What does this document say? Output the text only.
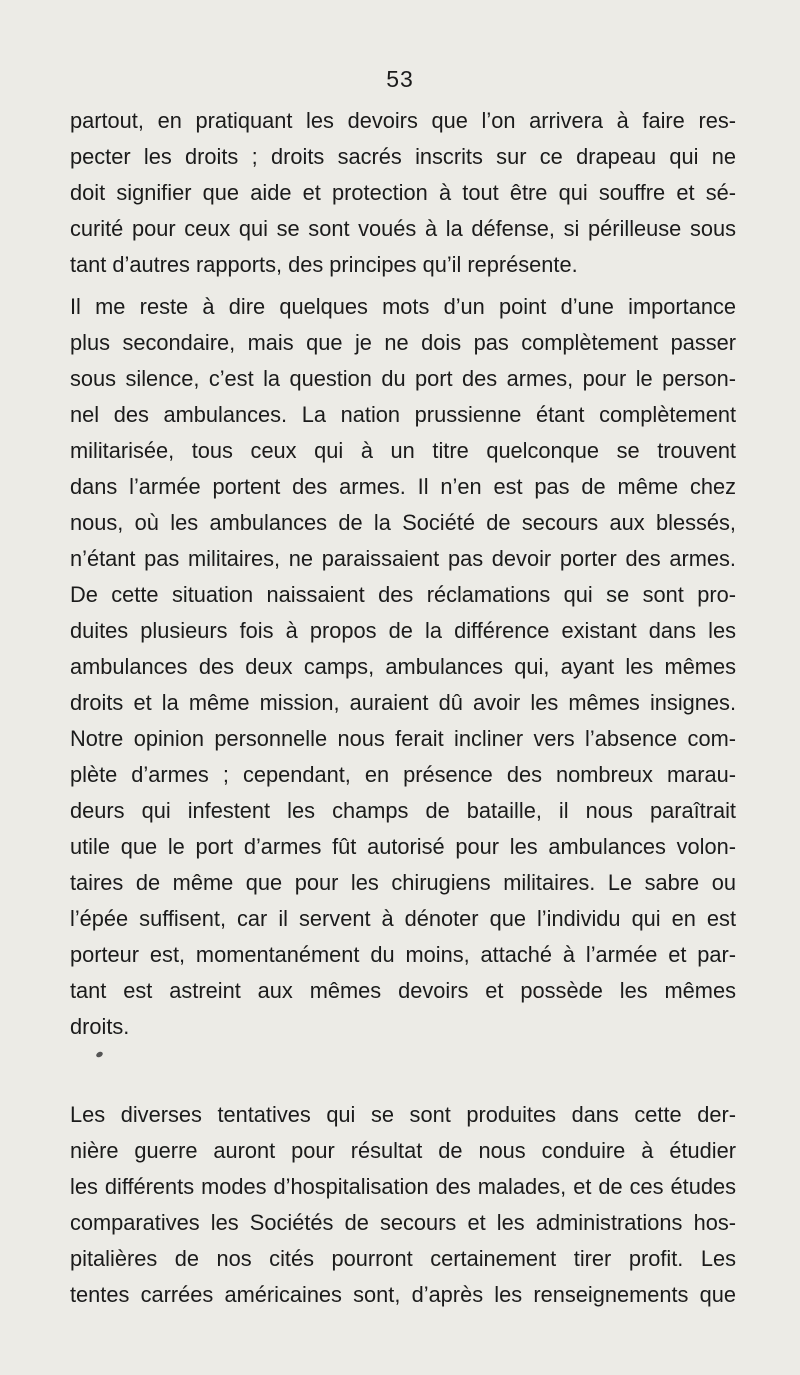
53
partout, en pratiquant les devoirs que l’on arrivera à faire res-
pecter les droits ; droits sacrés inscrits sur ce drapeau qui ne
doit signifier que aide et protection à tout être qui souffre et sé-
curité pour ceux qui se sont voués à la défense, si périlleuse sous
tant d’autres rapports, des principes qu’il représente.
Il me reste à dire quelques mots d’un point d’une importance
plus secondaire, mais que je ne dois pas complètement passer
sous silence, c’est la question du port des armes, pour le person-
nel des ambulances. La nation prussienne étant complètement
militarisée, tous ceux qui à un titre quelconque se trouvent
dans l’armée portent des armes. Il n’en est pas de même chez
nous, où les ambulances de la Société de secours aux blessés,
n’étant pas militaires, ne paraissaient pas devoir porter des armes.
De cette situation naissaient des réclamations qui se sont pro-
duites plusieurs fois à propos de la différence existant dans les
ambulances des deux camps, ambulances qui, ayant les mêmes
droits et la même mission, auraient dû avoir les mêmes insignes.
Notre opinion personnelle nous ferait incliner vers l’absence com-
plète d’armes ; cependant, en présence des nombreux marau-
deurs qui infestent les champs de bataille, il nous paraîtrait
utile que le port d’armes fût autorisé pour les ambulances volon-
taires de même que pour les chirugiens militaires. Le sabre ou
l’épée suffisent, car il servent à dénoter que l’individu qui en est
porteur est, momentanément du moins, attaché à l’armée et par-
tant est astreint aux mêmes devoirs et possède les mêmes
droits.
Les diverses tentatives qui se sont produites dans cette der-
nière guerre auront pour résultat de nous conduire à étudier
les différents modes d’hospitalisation des malades, et de ces études
comparatives les Sociétés de secours et les administrations hos-
pitalières de nos cités pourront certainement tirer profit. Les
tentes carrées américaines sont, d’après les renseignements que
